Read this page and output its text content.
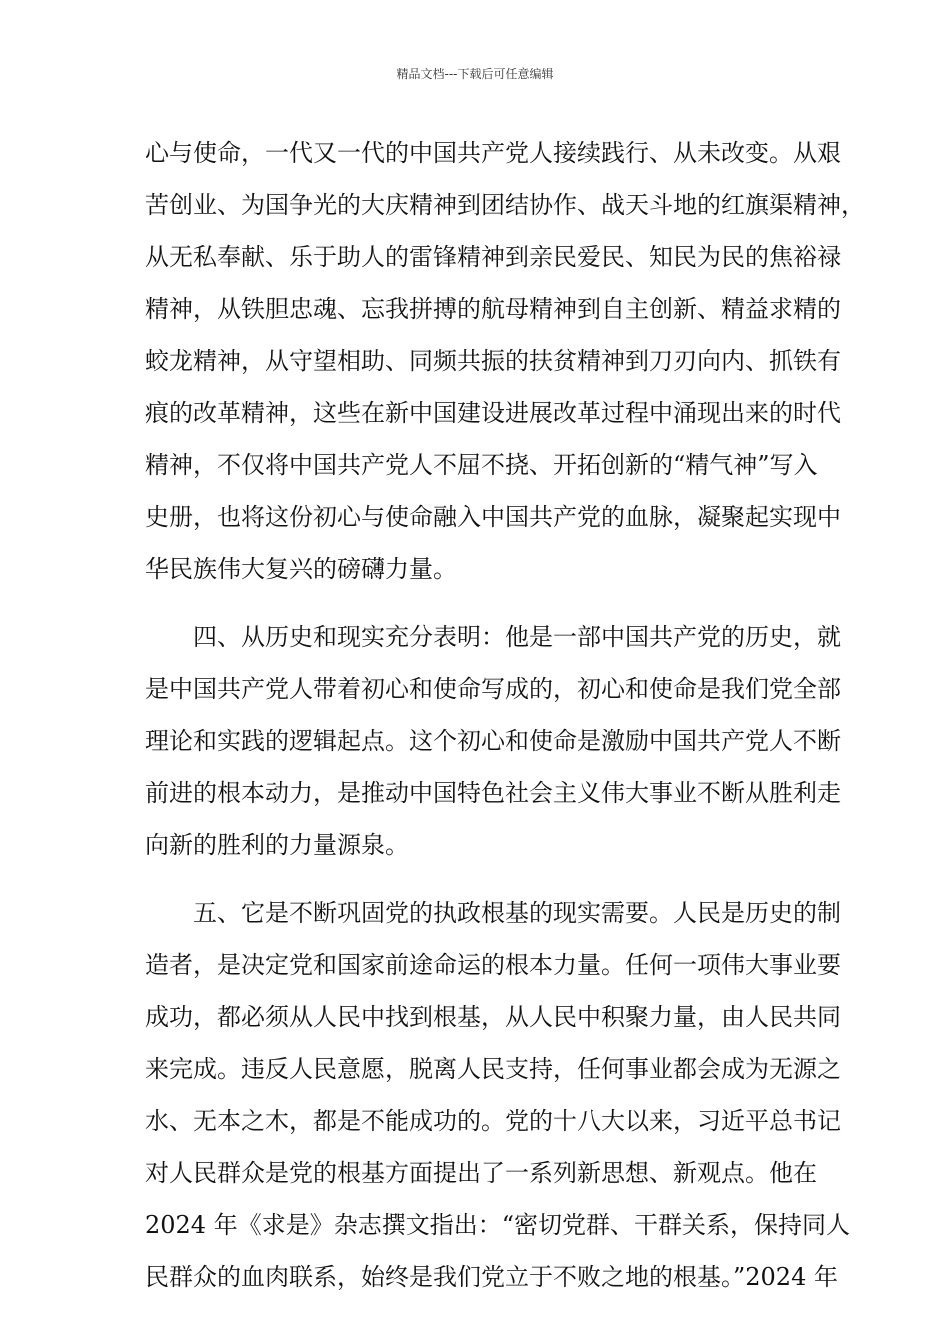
精品文档---下载后可任意编辑
心与使命，一代又一代的中国共产党人接续践行、从未改变。从艰
苦创业、为国争光的大庆精神到团结协作、战天斗地的红旗渠精神，
从无私奉献、乐于助人的雷锋精神到亲民爱民、知民为民的焦裕禄
精神，从铁胆忠魂、忘我拼搏的航母精神到自主创新、精益求精的
蛟龙精神，从守望相助、同频共振的扶贫精神到刀刃向内、抓铁有
痕的改革精神，这些在新中国建设进展改革过程中涌现出来的时代
精神，不仅将中国共产党人不屈不挠、开拓创新的“精气神”写入
史册，也将这份初心与使命融入中国共产党的血脉，凝聚起实现中
华民族伟大复兴的磅礴力量。
　　四、从历史和现实充分表明：他是一部中国共产党的历史，就
是中国共产党人带着初心和使命写成的，初心和使命是我们党全部
理论和实践的逻辑起点。这个初心和使命是激励中国共产党人不断
前进的根本动力，是推动中国特色社会主义伟大事业不断从胜利走
向新的胜利的力量源泉。
　　五、它是不断巩固党的执政根基的现实需要。人民是历史的制
造者，是决定党和国家前途命运的根本力量。任何一项伟大事业要
成功，都必须从人民中找到根基，从人民中积聚力量，由人民共同
来完成。违反人民意愿，脱离人民支持，任何事业都会成为无源之
水、无本之木，都是不能成功的。党的十八大以来，习近平总书记
对人民群众是党的根基方面提出了一系列新思想、新观点。他在
2024 年《求是》杂志撰文指出：“密切党群、干群关系，保持同人
民群众的血肉联系，始终是我们党立于不败之地的根基。”2024 年
